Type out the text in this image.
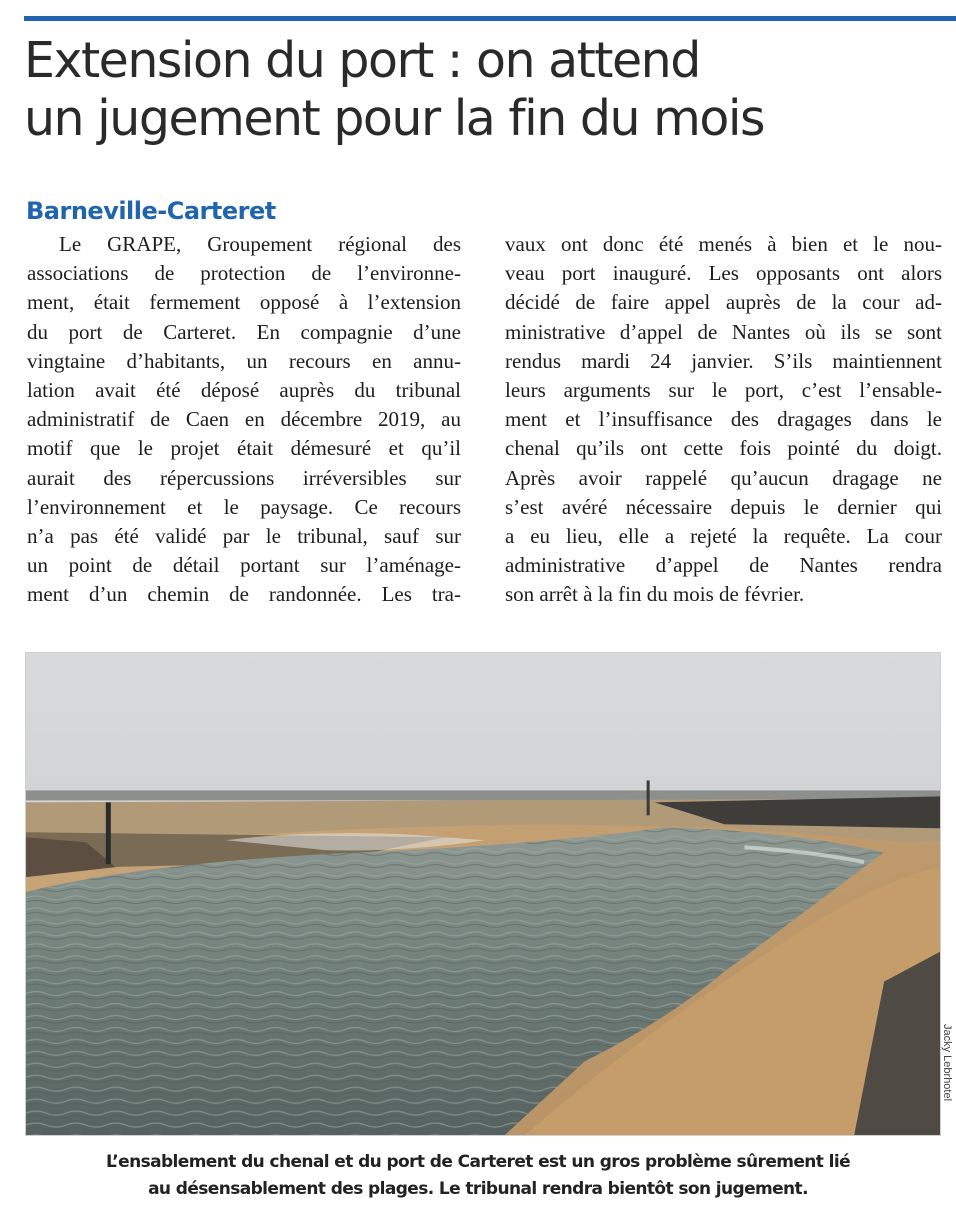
Extension du port : on attend
un jugement pour la fin du mois
Barneville-Carteret
Le GRAPE, Groupement régional des
associations de protection de l’environne-
ment, était fermement opposé à l’extension
du port de Carteret. En compagnie d’une
vingtaine d’habitants, un recours en annu-
lation avait été déposé auprès du tribunal
administratif de Caen en décembre 2019, au
motif que le projet était démesuré et qu’il
aurait des répercussions irréversibles sur
l’environnement et le paysage. Ce recours
n’a pas été validé par le tribunal, sauf sur
un point de détail portant sur l’aménage-
ment d’un chemin de randonnée. Les tra-
vaux ont donc été menés à bien et le nou-
veau port inauguré. Les opposants ont alors
décidé de faire appel auprès de la cour ad-
ministrative d’appel de Nantes où ils se sont
rendus mardi 24 janvier. S’ils maintiennent
leurs arguments sur le port, c’est l’ensable-
ment et l’insuffisance des dragages dans le
chenal qu’ils ont cette fois pointé du doigt.
Après avoir rappelé qu’aucun dragage ne
s’est avéré nécessaire depuis le dernier qui
a eu lieu, elle a rejeté la requête. La cour
administrative d’appel de Nantes rendra
son arrêt à la fin du mois de février.

Jacky Lebrhotel

L’ensablement du chenal et du port de Carteret est un gros problème sûrement lié
au désensablement des plages. Le tribunal rendra bientôt son jugement.
